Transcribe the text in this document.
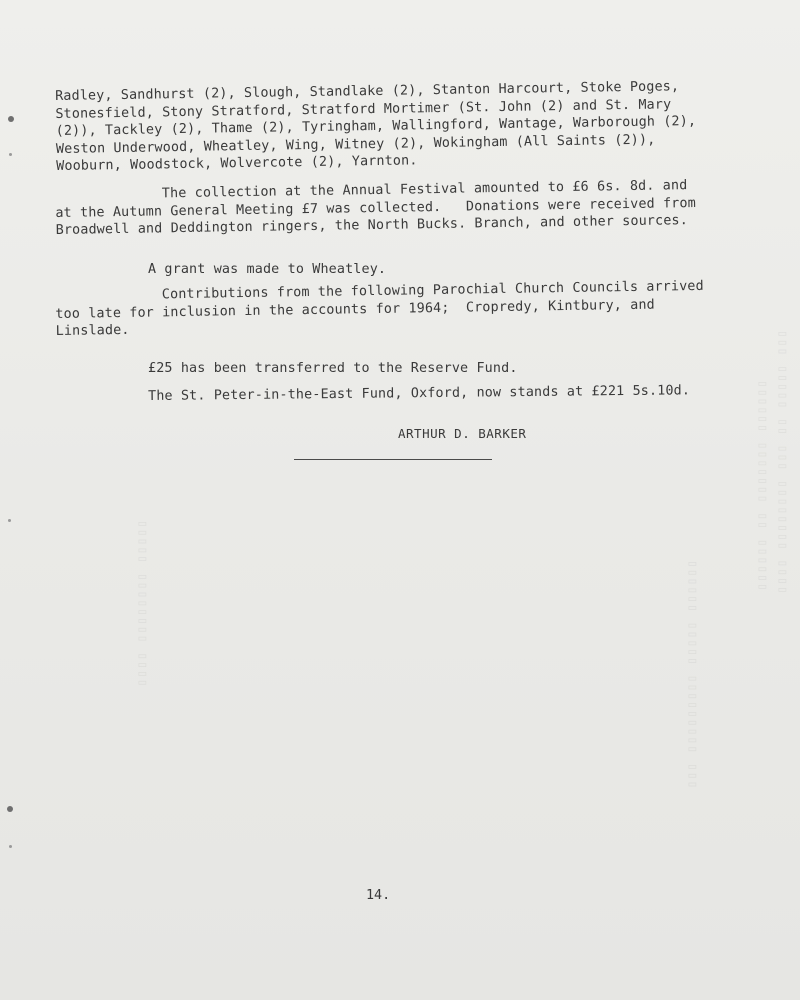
▯▯▯ ▯▯▯▯▯ ▯▯ ▯▯▯ ▯▯▯▯▯▯▯▯ ▯▯▯▯
▯▯▯▯▯▯ ▯▯▯▯▯▯▯ ▯▯ ▯▯▯▯▯▯
▯▯▯▯▯▯ ▯▯▯▯▯ ▯▯▯▯▯▯▯▯▯ ▯▯▯
▯▯▯▯▯ ▯▯▯▯▯▯▯▯ ▯▯▯▯
Radley, Sandhurst (2), Slough, Standlake (2), Stanton Harcourt, Stoke Poges,
Stonesfield, Stony Stratford, Stratford Mortimer (St. John (2) and St. Mary
(2)), Tackley (2), Thame (2), Tyringham, Wallingford, Wantage, Warborough (2),
Weston Underwood, Wheatley, Wing, Witney (2), Wokingham (All Saints (2)),
Wooburn, Woodstock, Wolvercote (2), Yarnton.
The collection at the Annual Festival amounted to £6 6s. 8d. and
at the Autumn General Meeting £7 was collected.   Donations were received from
Broadwell and Deddington ringers, the North Bucks. Branch, and other sources.
A grant was made to Wheatley.
Contributions from the following Parochial Church Councils arrived
too late for inclusion in the accounts for 1964;  Cropredy, Kintbury, and
Linslade.
£25 has been transferred to the Reserve Fund.
The St. Peter-in-the-East Fund, Oxford, now stands at £221 5s.10d.
ARTHUR D. BARKER
14.
